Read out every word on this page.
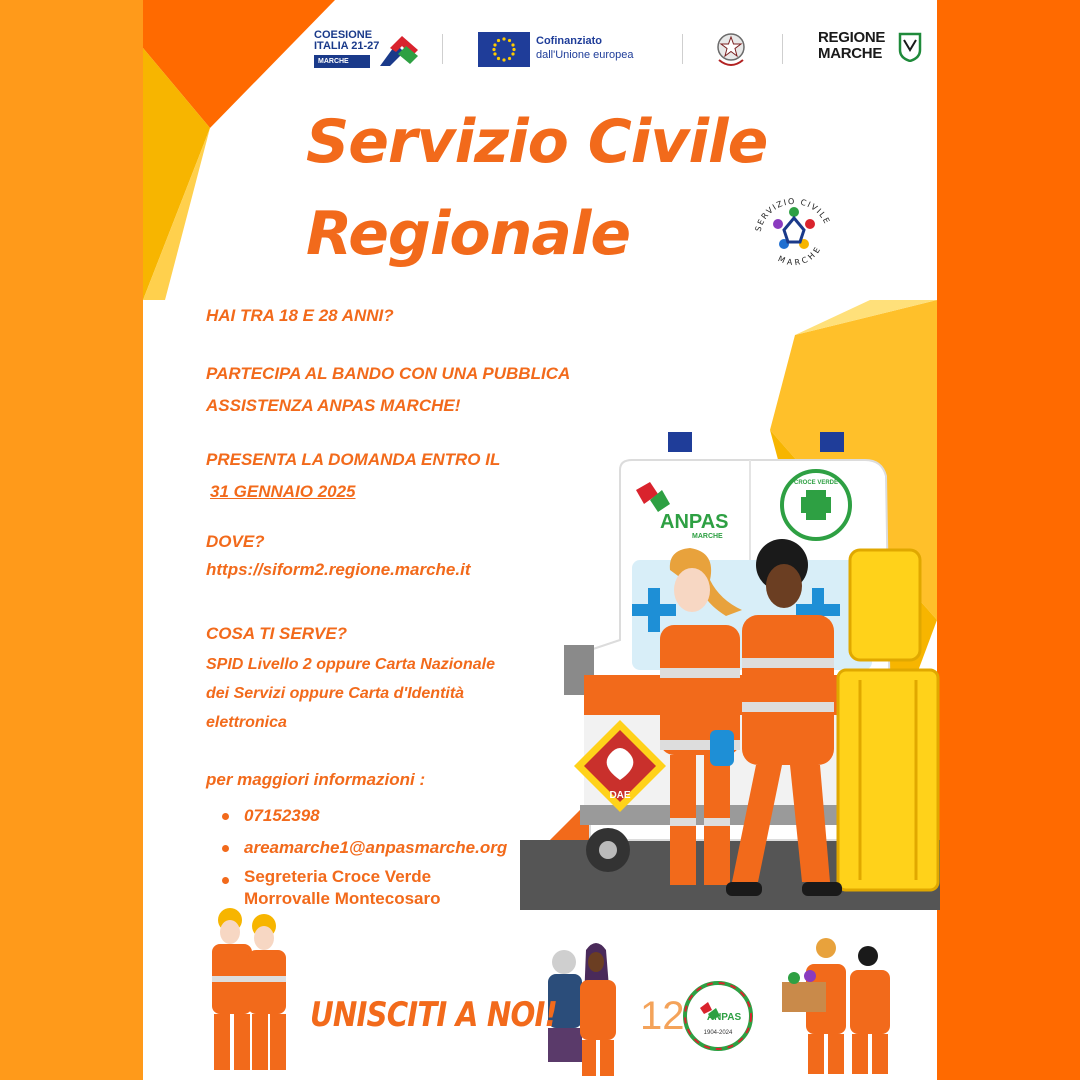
COESIONE
ITALIA 21-27
MARCHE
Cofinanziato
dall'Unione europea
REGIONE
MARCHE
Servizio Civile
Regionale	SERVIZIO CIVILE
MARCHE
HAI TRA 18 E 28 ANNI?
PARTECIPA AL BANDO CON UNA PUBBLICA
ASSISTENZA ANPAS MARCHE!
PRESENTA LA DOMANDA ENTRO IL
31 GENNAIO 2025
DOVE?
https://siform2.regione.marche.it
COSA TI SERVE?
SPID Livello 2 oppure Carta Nazionale
dei Servizi oppure Carta d'Identità
elettronica
per maggiori informazioni :
07152398
areamarche1@anpasmarche.org
Segreteria Croce Verde
Morrovalle Montecosaro
ANPAS
MARCHE
CROCE VERDE
DAE
UNISCITI A NOI! 12 ANPAS
1904-2024
